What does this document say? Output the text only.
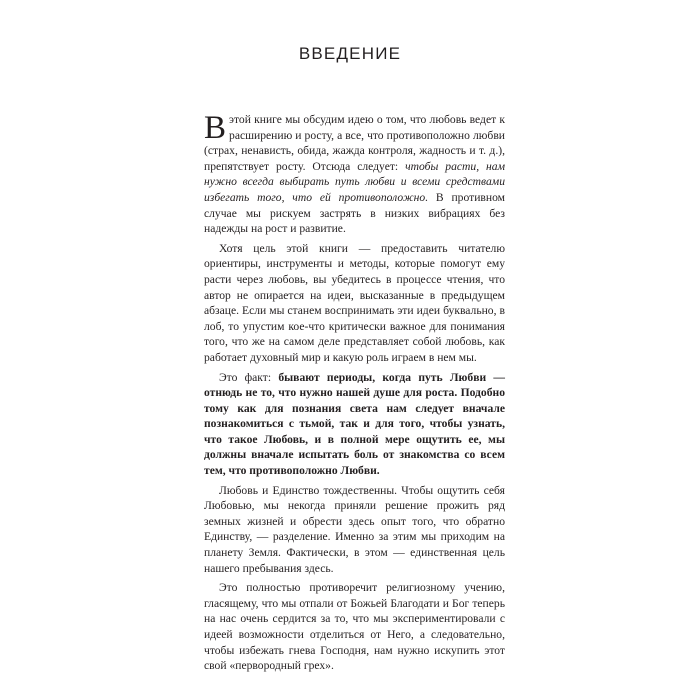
ВВЕДЕНИЕ

Вэтой книге мы обсудим идею о том, что любовь ведет к расширению и росту, а все, что противоположно любви (страх, ненависть, обида, жажда контроля, жадность и т. д.), препятствует росту. Отсюда следует: чтобы расти, нам нужно всегда выбирать путь любви и всеми средствами избегать того, что ей противоположно. В противном случае мы рискуем застрять в низких вибрациях без надежды на рост и развитие.

Хотя цель этой книги — предоставить читателю ориентиры, инструменты и методы, которые помогут ему расти через любовь, вы убедитесь в процессе чтения, что автор не опирается на идеи, высказанные в предыдущем абзаце. Если мы станем воспринимать эти идеи буквально, в лоб, то упустим кое-что критически важное для понимания того, что же на самом деле представляет собой любовь, как работает духовный мир и какую роль играем в нем мы.

Это факт: бывают периоды, когда путь Любви — отнюдь не то, что нужно нашей душе для роста. Подобно тому как для познания света нам следует вначале познакомиться с тьмой, так и для того, чтобы узнать, что такое Любовь, и в полной мере ощутить ее, мы должны вначале испытать боль от знакомства со всем тем, что противоположно Любви.

Любовь и Единство тождественны. Чтобы ощутить себя Любовью, мы некогда приняли решение прожить ряд земных жизней и обрести здесь опыт того, что обратно Единству, — разделение. Именно за этим мы приходим на планету Земля. Фактически, в этом — единственная цель нашего пребывания здесь.

Это полностью противоречит религиозному учению, гласящему, что мы отпали от Божьей Благодати и Бог теперь на нас очень сердится за то, что мы экспериментировали с идеей возможности отделиться от Него, а следовательно, чтобы избежать гнева Господня, нам нужно искупить этот свой «первородный грех».
